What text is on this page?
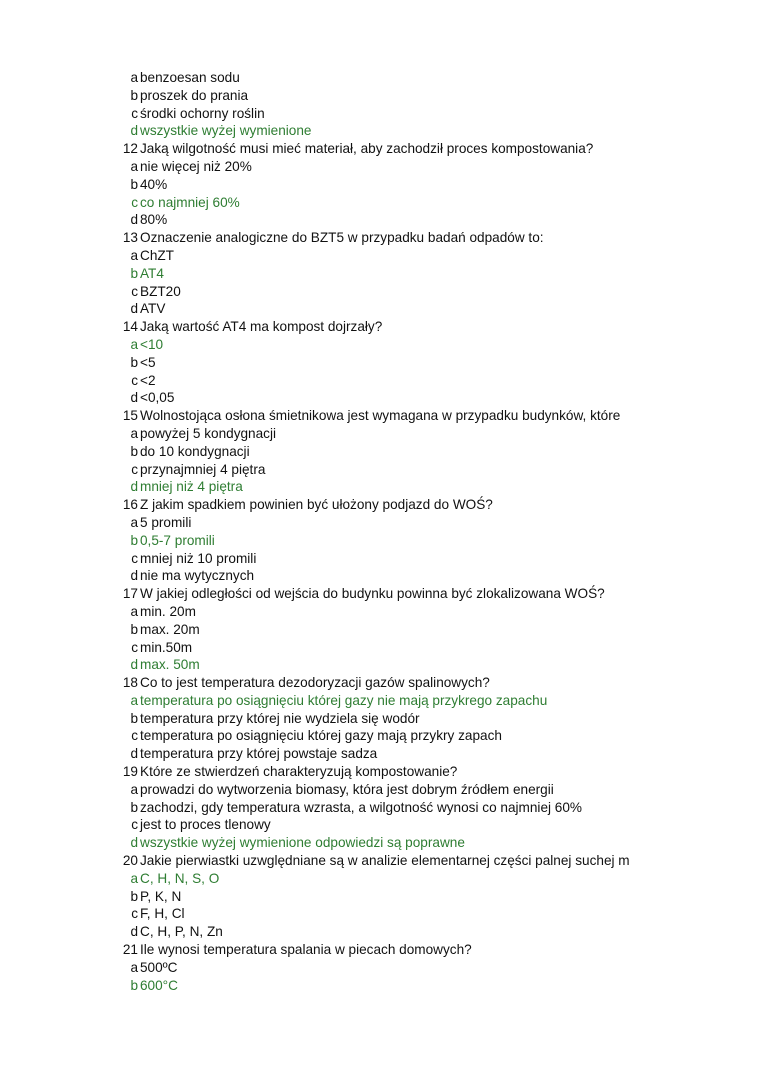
a benzoesan sodu
b proszek do prania
c środki ochorny roślin
d wszystkie wyżej wymienione
12 Jaką wilgotność musi mieć materiał, aby zachodził proces kompostowania?
a nie więcej niż 20%
b 40%
c co najmniej 60%
d 80%
13 Oznaczenie analogiczne do BZT5 w przypadku badań odpadów to:
a ChZT
b AT4
c BZT20
d ATV
14 Jaką wartość AT4 ma kompost dojrzały?
a <10
b <5
c <2
d <0,05
15 Wolnostojąca osłona śmietnikowa jest wymagana w przypadku budynków, które
a powyżej 5 kondygnacji
b do 10 kondygnacji
c przynajmniej 4 piętra
d mniej niż 4 piętra
16 Z jakim spadkiem powinien być ułożony podjazd do WOŚ?
a 5 promili
b 0,5-7 promili
c mniej niż 10 promili
d nie ma wytycznych
17 W jakiej odległości od wejścia do budynku powinna być zlokalizowana WOŚ?
a min. 20m
b max. 20m
c min.50m
d max. 50m
18 Co to jest temperatura dezodoryzacji gazów spalinowych?
a temperatura po osiągnięciu której gazy nie mają przykrego zapachu
b temperatura przy której nie wydziela się wodór
c temperatura po osiągnięciu której gazy mają przykry zapach
d temperatura przy której powstaje sadza
19 Które ze stwierdzeń charakteryzują kompostowanie?
a prowadzi do wytworzenia biomasy, która jest dobrym źródłem energii
b zachodzi, gdy temperatura wzrasta, a wilgotność wynosi co najmniej 60%
c jest to proces tlenowy
d wszystkie wyżej wymienione odpowiedzi są poprawne
20 Jakie pierwiastki uzwględniane są w analizie elementarnej części palnej suchej m
a C, H, N, S, O
b P, K, N
c F, H, Cl
d C, H, P, N, Zn
21 Ile wynosi temperatura spalania w piecach domowych?
a 500ºC
b 600°C
